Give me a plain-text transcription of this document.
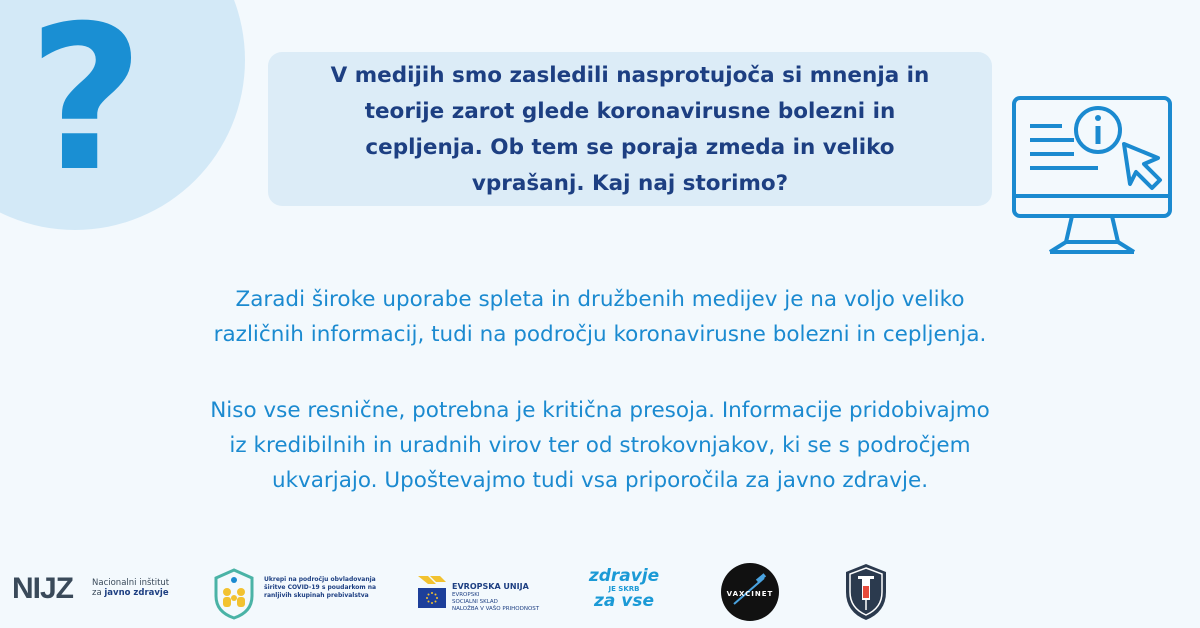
?	V medijih smo zasledili nasprotujoča si mnenja in
teorije zarot glede koronavirusne bolezni in
cepljenja. Ob tem se poraja zmeda in veliko
vprašanj. Kaj naj storimo?
Zaradi široke uporabe spleta in družbenih medijev je na voljo veliko
različnih informacij, tudi na področju koronavirusne bolezni in cepljenja.
Niso vse resnične, potrebna je kritična presoja. Informacije pridobivajmo
iz kredibilnih in uradnih virov ter od strokovnjakov, ki se s področjem
ukvarjajo. Upoštevajmo tudi vsa priporočila za javno zdravje.
NIJZ Nacionalni inštitut
za javno zdravje
Ukrepi na področju obvladovanja
širitve COVID-19 s poudarkom na
ranljivih skupinah prebivalstva
EVROPSKA UNIJA
EVROPSKI
SOCIALNI SKLAD
NALOŽBA V VAŠO PRIHODNOST
zdravje
JE SKRB
za vse	VAXCINET
